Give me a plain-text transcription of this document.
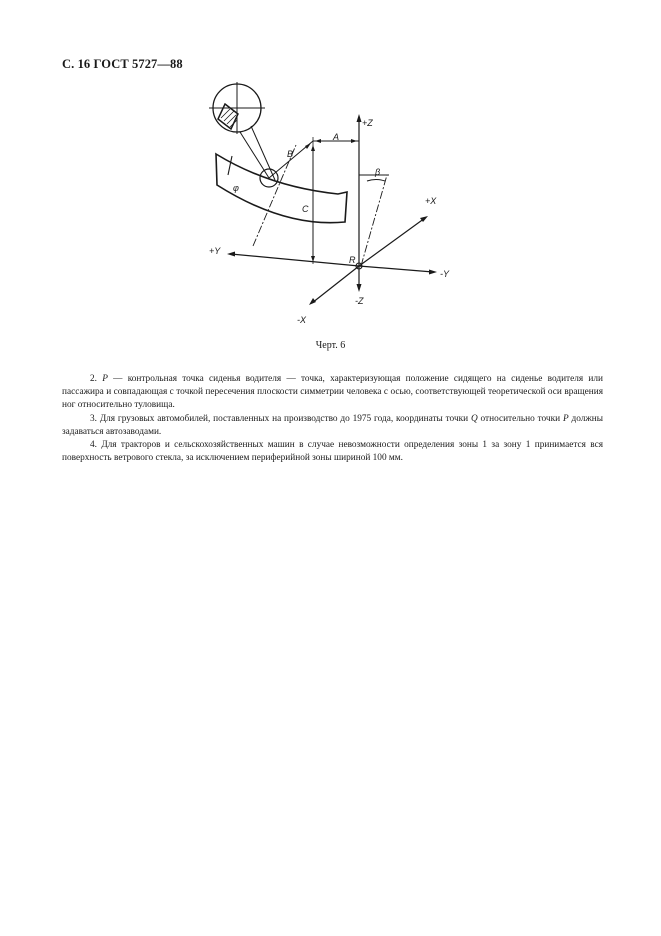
С. 16 ГОСТ 5727—88
+Z
-Z
+X
-X
+Y
-Y
A
B
C
R
β
φ
Черт. 6

2. P — контрольная точка сиденья водителя — точка, характеризующая положение сидящего на сиденье водителя или пассажира и совпадающая с точкой пересечения плоскости симметрии человека с осью, соответствующей теоретической оси вращения ног относительно туловища.

3. Для грузовых автомобилей, поставленных на производство до 1975 года, координаты точки Q относительно точки P должны задаваться автозаводами.

4. Для тракторов и сельскохозяйственных машин в случае невозможности определения зоны 1 за зону 1 принимается вся поверхность ветрового стекла, за исключением периферийной зоны шириной 100 мм.
